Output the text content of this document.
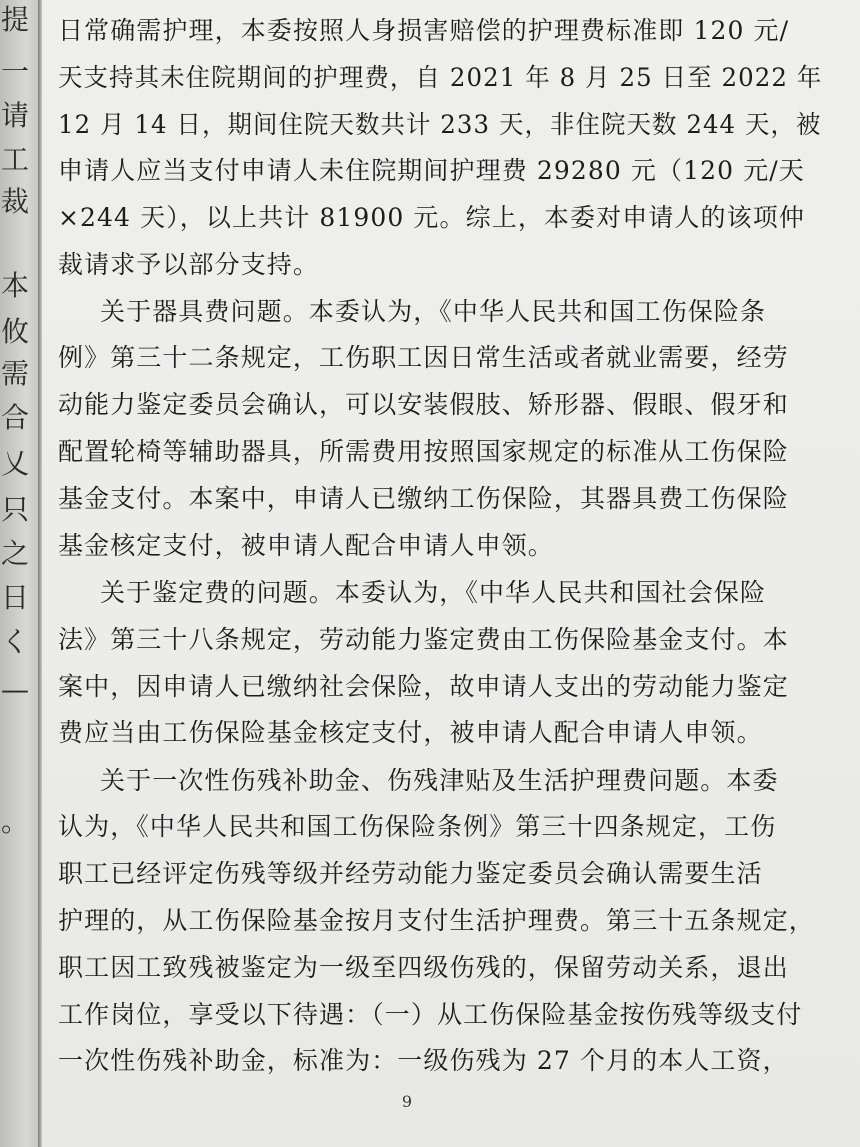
提
一
请
工
裁
本
攸
需
合
乂
只
之
日
く
—
。
日常确需护理，本委按照人身损害赔偿的护理费标准即 120 元/
天支持其未住院期间的护理费，自 2021 年 8 月 25 日至 2022 年
12 月 14 日，期间住院天数共计 233 天，非住院天数 244 天，被
申请人应当支付申请人未住院期间护理费 29280 元（120 元/天
×244 天），以上共计 81900 元。综上，本委对申请人的该项仲
裁请求予以部分支持。
关于器具费问题。本委认为，《中华人民共和国工伤保险条
例》第三十二条规定，工伤职工因日常生活或者就业需要，经劳
动能力鉴定委员会确认，可以安装假肢、矫形器、假眼、假牙和
配置轮椅等辅助器具，所需费用按照国家规定的标准从工伤保险
基金支付。本案中，申请人已缴纳工伤保险，其器具费工伤保险
基金核定支付，被申请人配合申请人申领。
关于鉴定费的问题。本委认为，《中华人民共和国社会保险
法》第三十八条规定，劳动能力鉴定费由工伤保险基金支付。本
案中，因申请人已缴纳社会保险，故申请人支出的劳动能力鉴定
费应当由工伤保险基金核定支付，被申请人配合申请人申领。
关于一次性伤残补助金、伤残津贴及生活护理费问题。本委
认为，《中华人民共和国工伤保险条例》第三十四条规定，工伤
职工已经评定伤残等级并经劳动能力鉴定委员会确认需要生活
护理的，从工伤保险基金按月支付生活护理费。第三十五条规定，
职工因工致残被鉴定为一级至四级伤残的，保留劳动关系，退出
工作岗位，享受以下待遇：（一）从工伤保险基金按伤残等级支付
一次性伤残补助金，标准为：一级伤残为 27 个月的本人工资，
9
